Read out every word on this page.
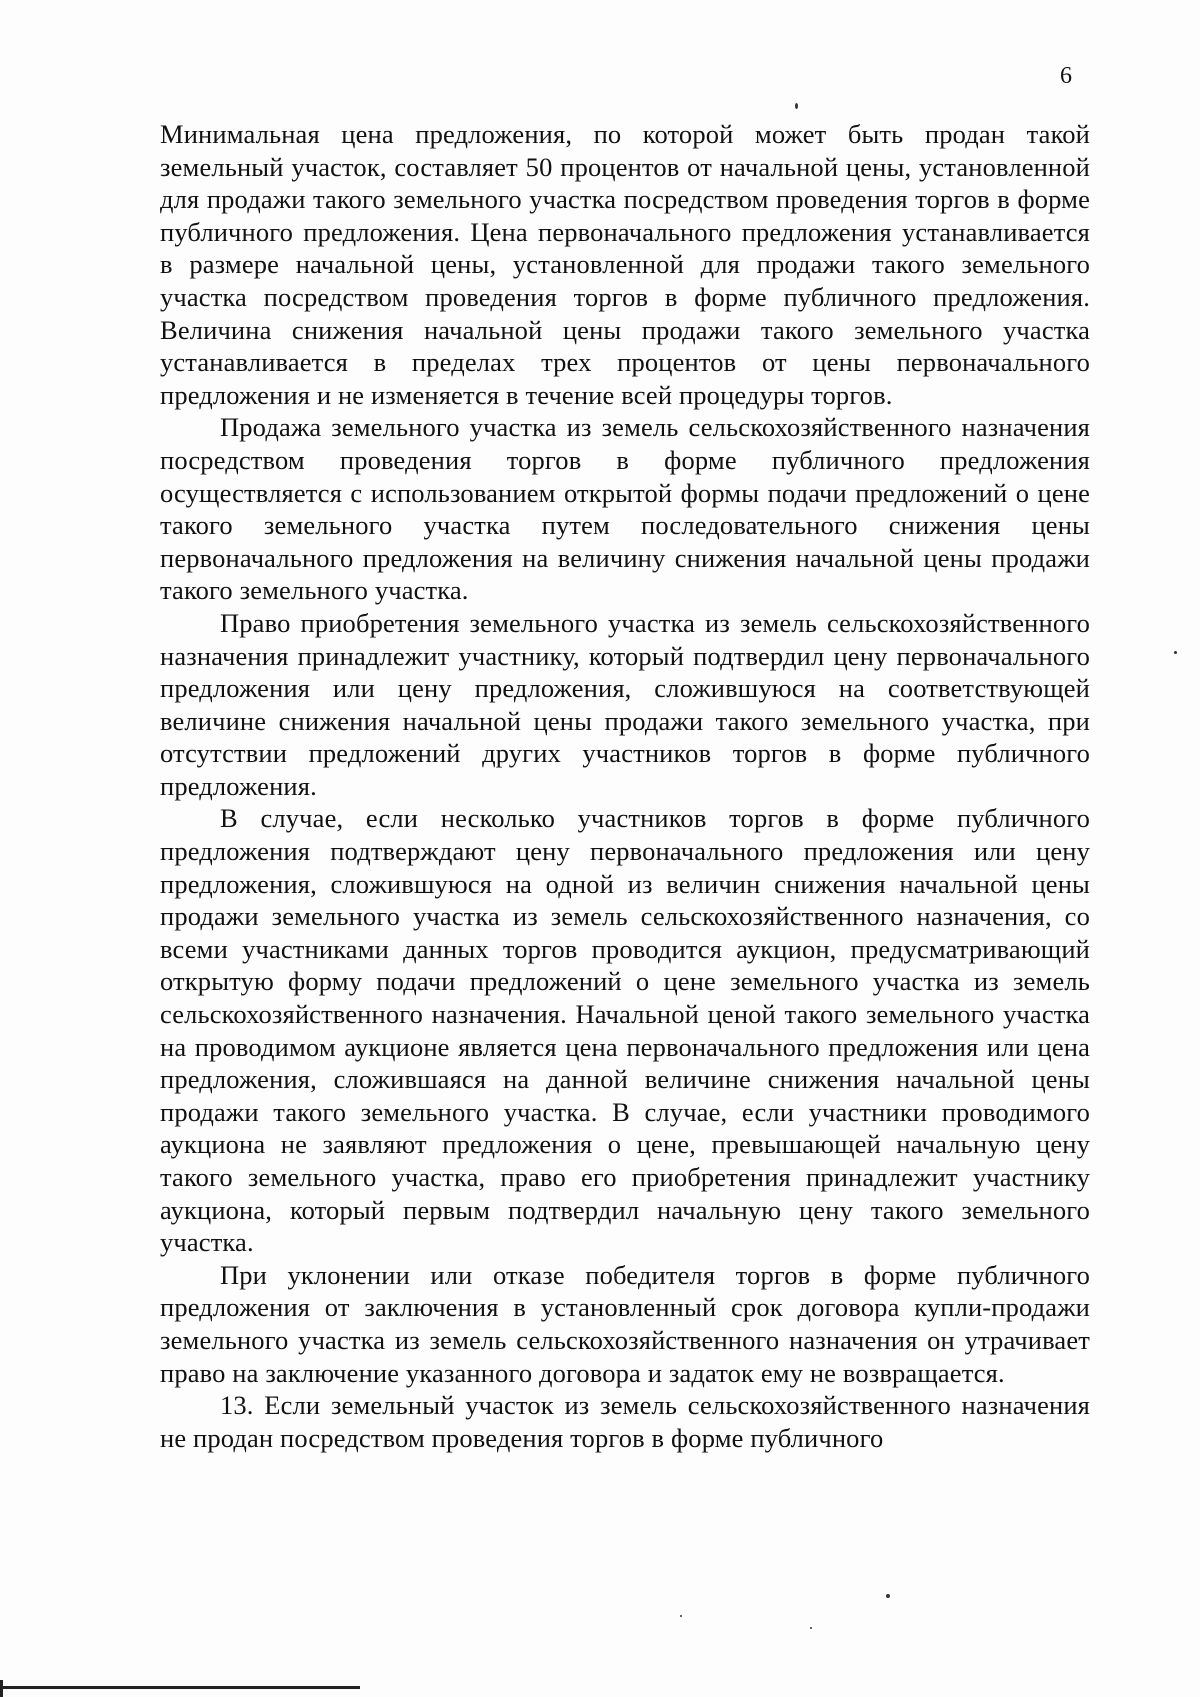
6

Минимальная цена предложения, по которой может быть продан такой земельный участок, составляет 50 процентов от начальной цены, установленной для продажи такого земельного участка посредством проведения торгов в форме публичного предложения. Цена первоначального предложения устанавливается в размере начальной цены, установленной для продажи такого земельного участка посредством проведения торгов в форме публичного предложения. Величина снижения начальной цены продажи такого земельного участка устанавливается в пределах трех процентов от цены первоначального предложения и не изменяется в течение всей процедуры торгов.

Продажа земельного участка из земель сельскохозяйственного назначения посредством проведения торгов в форме публичного предложения осуществляется с использованием открытой формы подачи предложений о цене такого земельного участка путем последовательного снижения цены первоначального предложения на величину снижения начальной цены продажи такого земельного участка.

Право приобретения земельного участка из земель сельскохозяйственного назначения принадлежит участнику, который подтвердил цену первоначального предложения или цену предложения, сложившуюся на соответствующей величине снижения начальной цены продажи такого земельного участка, при отсутствии предложений других участников торгов в форме публичного предложения.

В случае, если несколько участников торгов в форме публичного предложения подтверждают цену первоначального предложения или цену предложения, сложившуюся на одной из величин снижения начальной цены продажи земельного участка из земель сельскохозяйственного назначения, со всеми участниками данных торгов проводится аукцион, предусматривающий открытую форму подачи предложений о цене земельного участка из земель сельскохозяйственного назначения. Начальной ценой такого земельного участка на проводимом аукционе является цена первоначального предложения или цена предложения, сложившаяся на данной величине снижения начальной цены продажи такого земельного участка. В случае, если участники проводимого аукциона не заявляют предложения о цене, превышающей начальную цену такого земельного участка, право его приобретения принадлежит участнику аукциона, который первым подтвердил начальную цену такого земельного участка.

При уклонении или отказе победителя торгов в форме публичного предложения от заключения в установленный срок договора купли-продажи земельного участка из земель сельскохозяйственного назначения он утрачивает право на заключение указанного договора и задаток ему не возвращается.

13. Если земельный участок из земель сельскохозяйственного назначения не продан посредством проведения торгов в форме публичного
